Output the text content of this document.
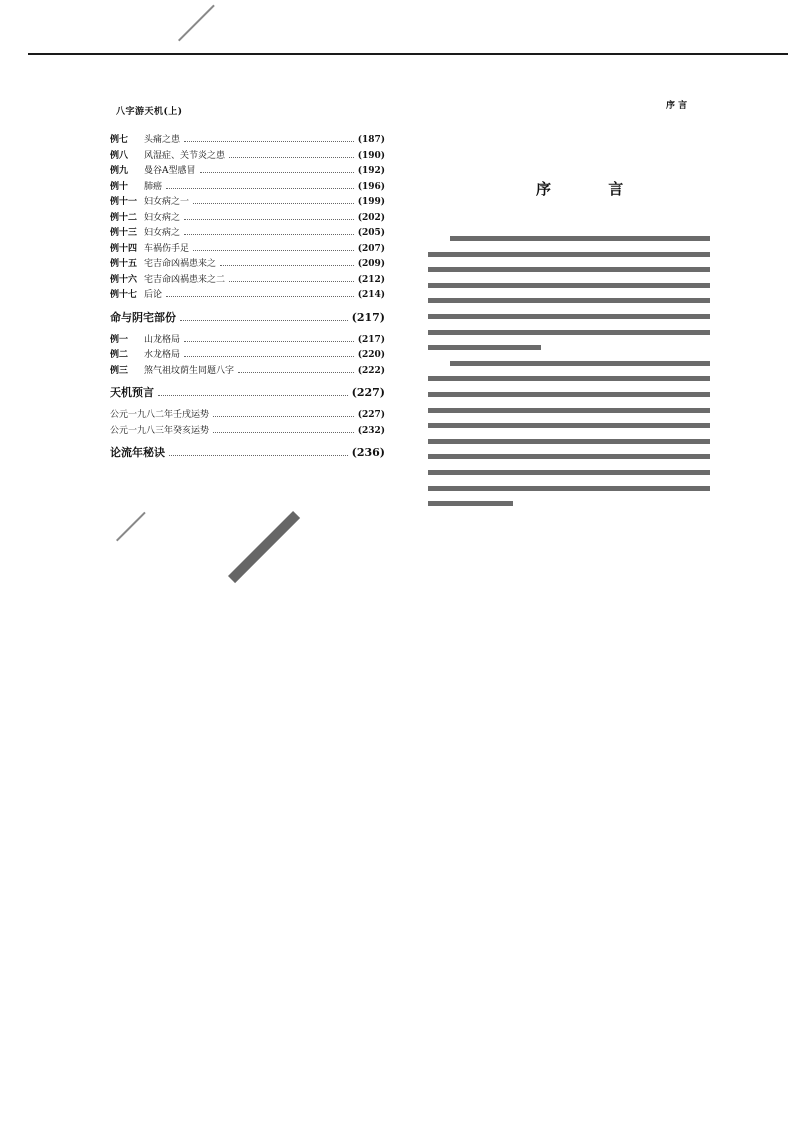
八字游天机(上)
序 言
例七	头痛之患	(187)
例八	风湿症、关节炎之患	(190)
例九	曼谷A型感冒	(192)
例十	肺癌	(196)
例十一 妇女病之一	(199)
例十二 妇女病之	(202)
例十三 妇女病之	(205)
例十四 车祸伤手足	(207)
例十五 宅吉命凶祸患来之	(209)
例十六 宅吉命凶祸患来之二	(212)
例十七 后论	(214)
命与阴宅部份	(217)
例一	山龙格局	(217)
例二	水龙格局	(220)
例三	煞气祖坟荫生同题八字	(222)
天机预言	(227)
公元一九八二年壬戌运势	(227)
公元一九八三年癸亥运势	(232)
论流年秘诀	(236)
序 言
